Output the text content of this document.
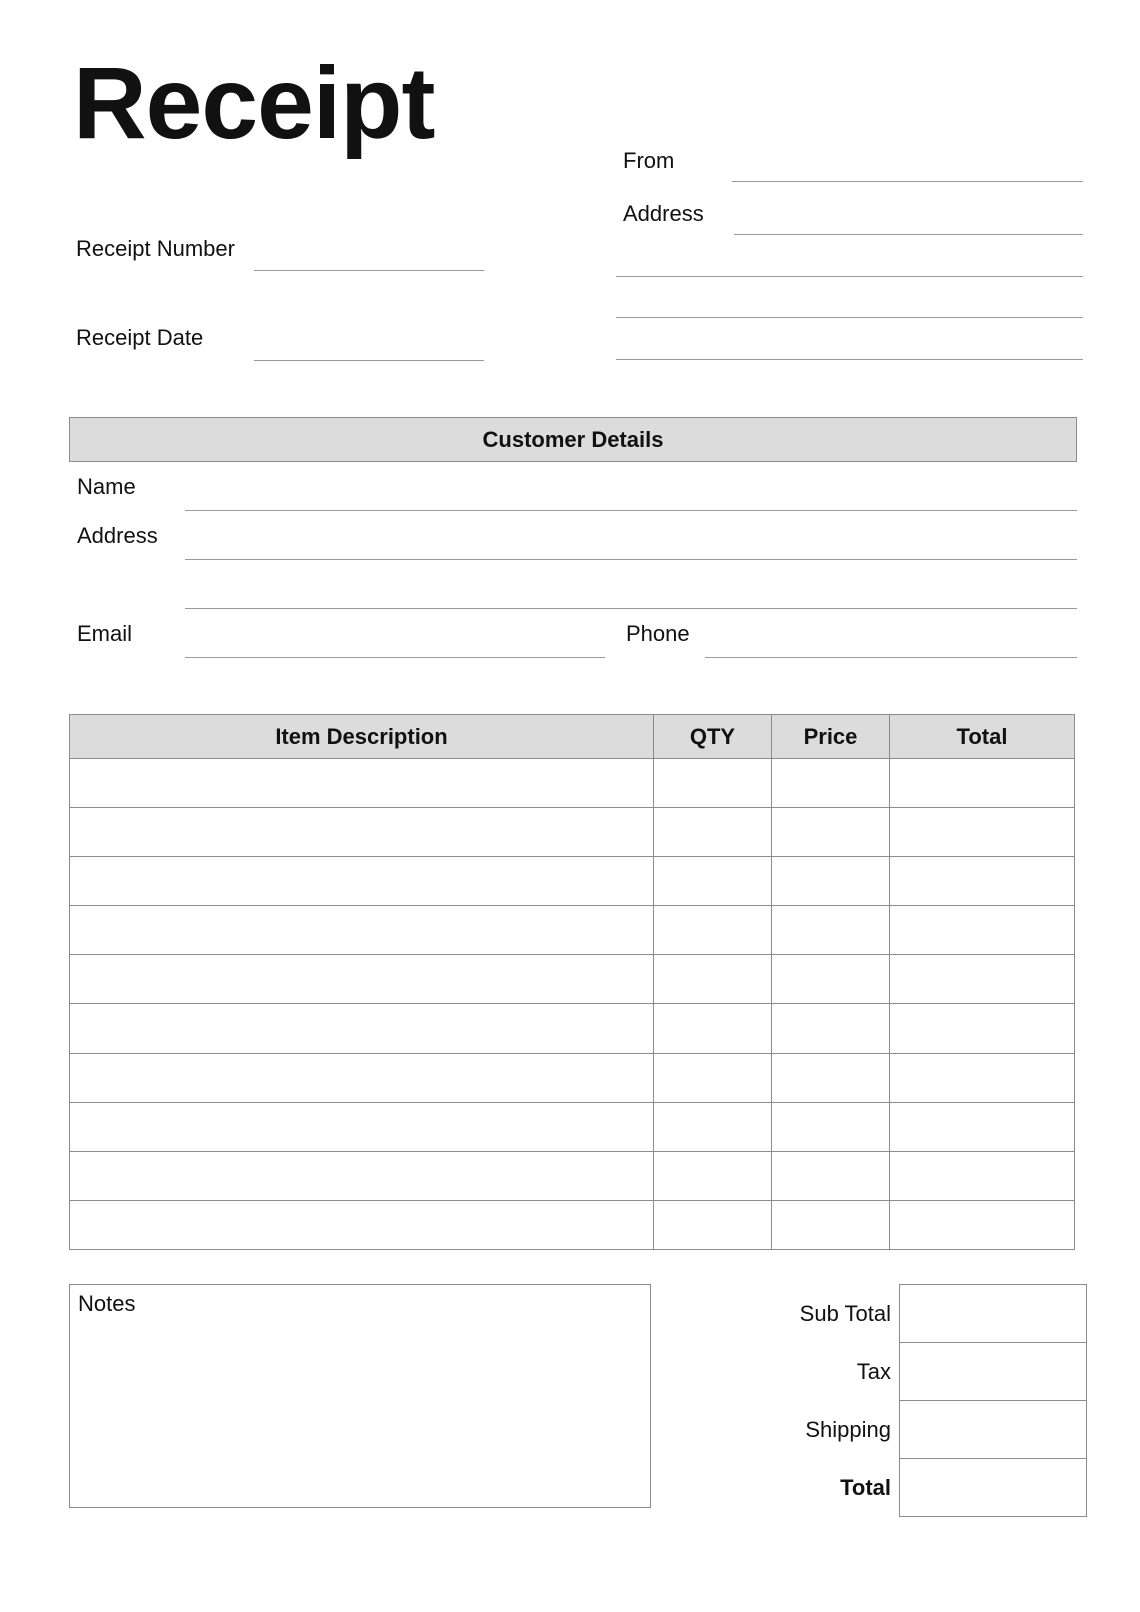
Receipt
Receipt Number
Receipt Date
From
Address
Customer Details
Name
Address
Email	Phone
Item Description	QTY	Price	Total

Notes	Sub Total	
Tax	
Shipping	
Total	
